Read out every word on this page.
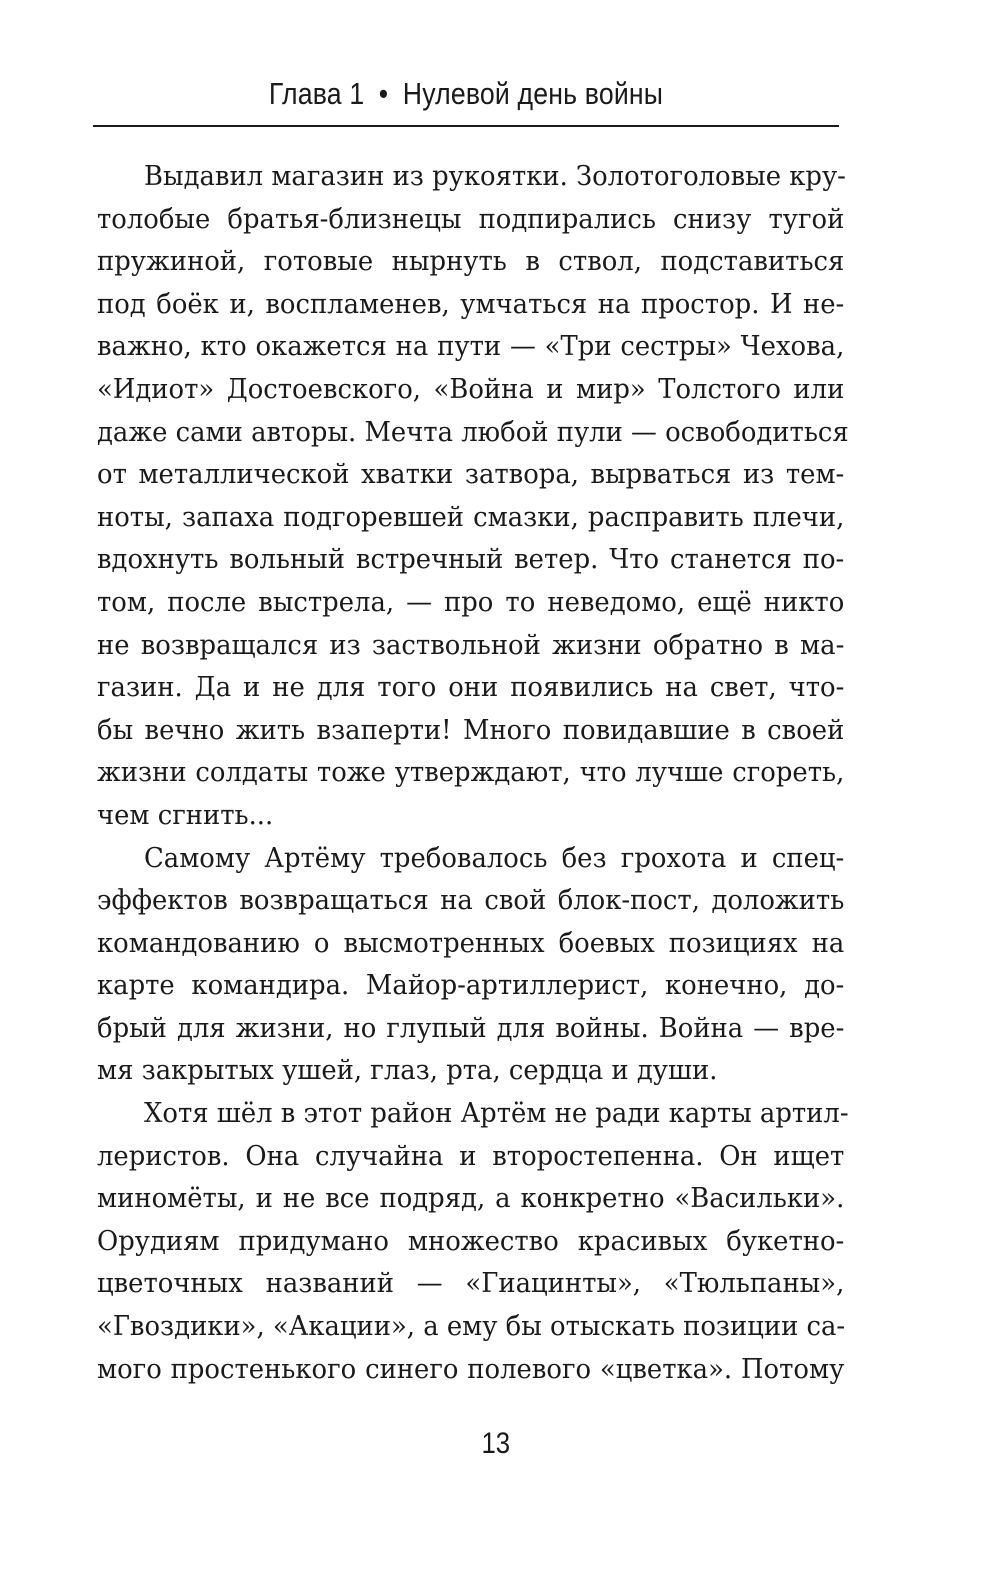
Глава 1 • Нулевой день войны
Выдавил магазин из рукоятки. Золотоголовые кру-
толобые братья-близнецы подпирались снизу тугой
пружиной, готовые нырнуть в ствол, подставиться
под боёк и, воспламенев, умчаться на простор. И не-
важно, кто окажется на пути — «Три сестры» Чехова,
«Идиот» Достоевского, «Война и мир» Толстого или
даже сами авторы. Мечта любой пули — освободиться
от металлической хватки затвора, вырваться из тем-
ноты, запаха подгоревшей смазки, расправить плечи,
вдохнуть вольный встречный ветер. Что станется по-
том, после выстрела, — про то неведомо, ещё никто
не возвращался из заствольной жизни обратно в ма-
газин. Да и не для того они появились на свет, что-
бы вечно жить взаперти! Много повидавшие в своей
жизни солдаты тоже утверждают, что лучше сгореть,
чем сгнить...
Самому Артёму требовалось без грохота и спец-
эффектов возвращаться на свой блок-пост, доложить
командованию о высмотренных боевых позициях на
карте командира. Майор-артиллерист, конечно, до-
брый для жизни, но глупый для войны. Война — вре-
мя закрытых ушей, глаз, рта, сердца и души.
Хотя шёл в этот район Артём не ради карты артил-
леристов. Она случайна и второстепенна. Он ищет
миномёты, и не все подряд, а конкретно «Васильки».
Орудиям придумано множество красивых букетно-
цветочных названий — «Гиацинты», «Тюльпаны»,
«Гвоздики», «Акации», а ему бы отыскать позиции са-
мого простенького синего полевого «цветка». Потому
13
